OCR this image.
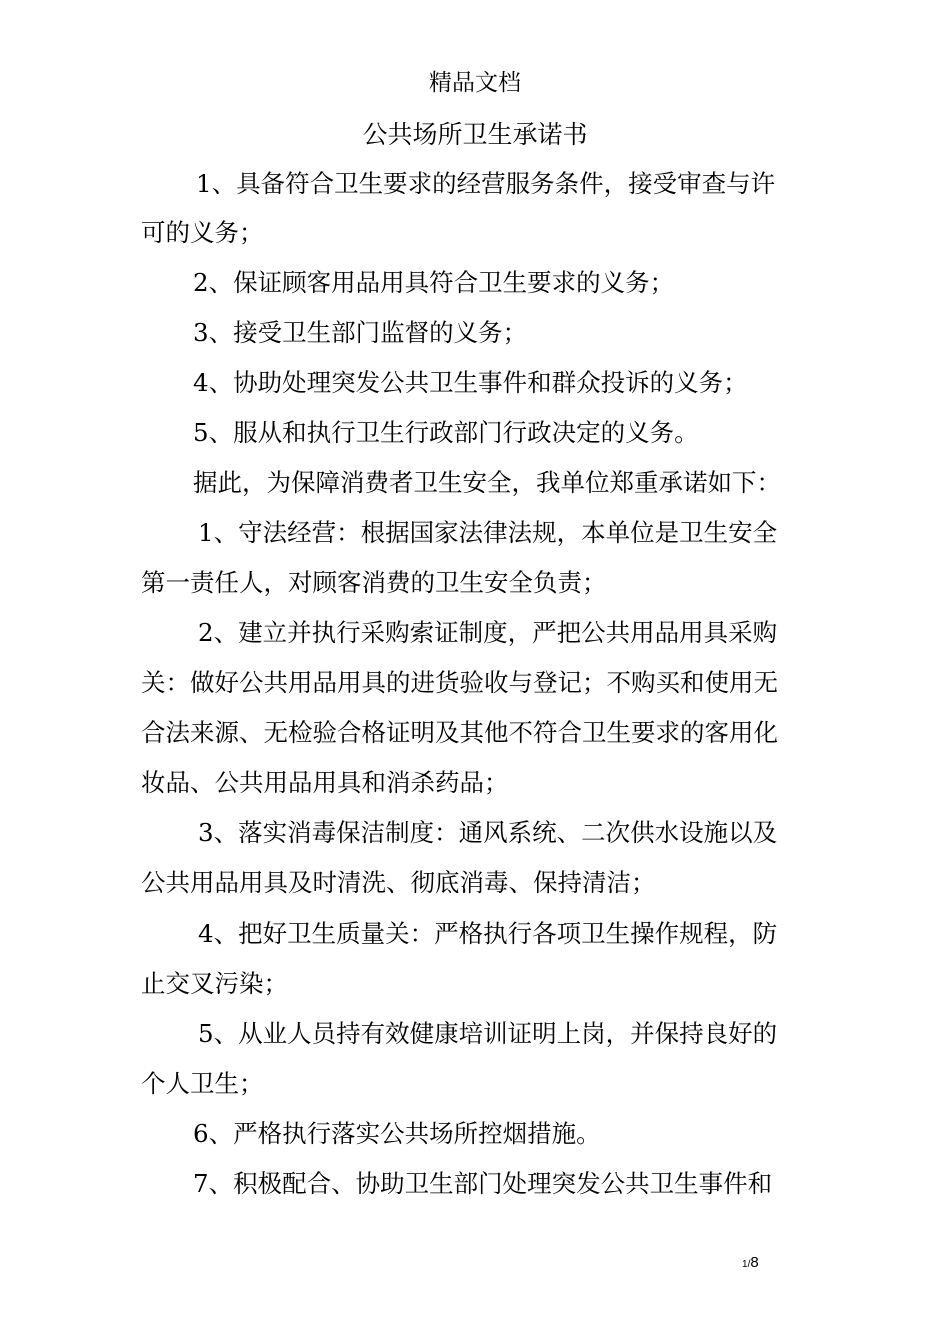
精品文档
公共场所卫生承诺书
1、具备符合卫生要求的经营服务条件，接受审查与许
可的义务；
2、保证顾客用品用具符合卫生要求的义务；
3、接受卫生部门监督的义务；
4、协助处理突发公共卫生事件和群众投诉的义务；
5、服从和执行卫生行政部门行政决定的义务。
据此，为保障消费者卫生安全，我单位郑重承诺如下：
1、守法经营：根据国家法律法规，本单位是卫生安全
第一责任人，对顾客消费的卫生安全负责；
2、建立并执行采购索证制度，严把公共用品用具采购
关：做好公共用品用具的进货验收与登记；不购买和使用无
合法来源、无检验合格证明及其他不符合卫生要求的客用化
妆品、公共用品用具和消杀药品；
3、落实消毒保洁制度：通风系统、二次供水设施以及
公共用品用具及时清洗、彻底消毒、保持清洁；
4、把好卫生质量关：严格执行各项卫生操作规程，防
止交叉污染；
5、从业人员持有效健康培训证明上岗，并保持良好的
个人卫生；
6、严格执行落实公共场所控烟措施。
7、积极配合、协助卫生部门处理突发公共卫生事件和
1/8
